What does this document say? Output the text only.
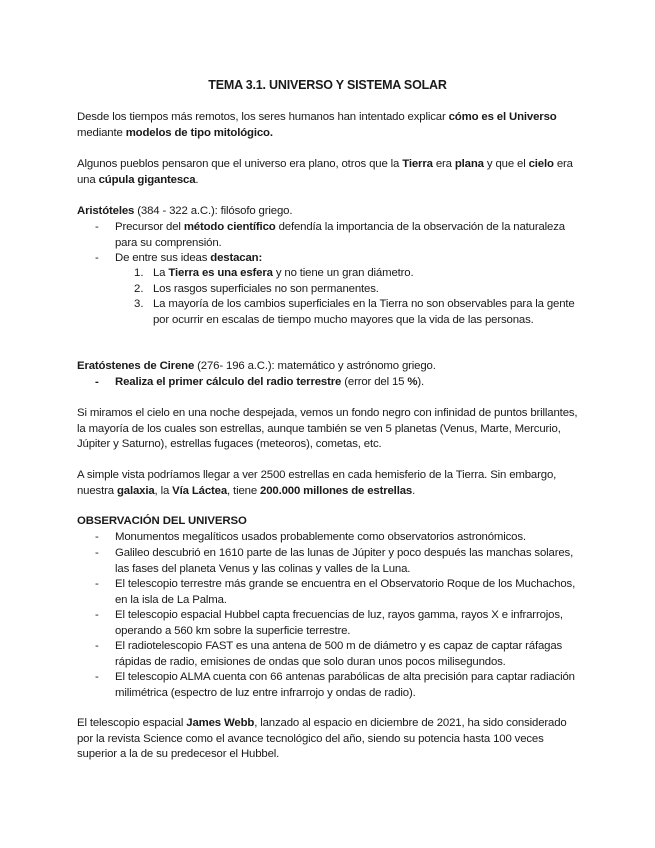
TEMA 3.1. UNIVERSO Y SISTEMA SOLAR

Desde los tiempos más remotos, los seres humanos han intentado explicar cómo es el Universo mediante modelos de tipo mitológico.

Algunos pueblos pensaron que el universo era plano, otros que la Tierra era plana y que el cielo era una cúpula gigantesca.

Aristóteles (384 - 322 a.C.): filósofo griego.

- Precursor del método científico defendía la importancia de la observación de la naturaleza para su comprensión.

- De entre sus ideas destacan:

1. La Tierra es una esfera y no tiene un gran diámetro.

2. Los rasgos superficiales no son permanentes.

3. La mayoría de los cambios superficiales en la Tierra no son observables para la gente por ocurrir en escalas de tiempo mucho mayores que la vida de las personas.

Eratóstenes de Cirene (276- 196 a.C.): matemático y astrónomo griego.

- Realiza el primer cálculo del radio terrestre (error del 15 %).

Si miramos el cielo en una noche despejada, vemos un fondo negro con infinidad de puntos brillantes, la mayoría de los cuales son estrellas, aunque también se ven 5 planetas (Venus, Marte, Mercurio, Júpiter y Saturno), estrellas fugaces (meteoros), cometas, etc.

A simple vista podríamos llegar a ver 2500 estrellas en cada hemisferio de la Tierra. Sin embargo, nuestra galaxia, la Vía Láctea, tiene 200.000 millones de estrellas.

OBSERVACIÓN DEL UNIVERSO
- Monumentos megalíticos usados probablemente como observatorios astronómicos.

- Galileo descubrió en 1610 parte de las lunas de Júpiter y poco después las manchas solares, las fases del planeta Venus y las colinas y valles de la Luna.

- El telescopio terrestre más grande se encuentra en el Observatorio Roque de los Muchachos, en la isla de La Palma.

- El telescopio espacial Hubbel capta frecuencias de luz, rayos gamma, rayos X e infrarrojos, operando a 560 km sobre la superficie terrestre.

- El radiotelescopio FAST es una antena de 500 m de diámetro y es capaz de captar ráfagas rápidas de radio, emisiones de ondas que solo duran unos pocos milisegundos.

- El telescopio ALMA cuenta con 66 antenas parabólicas de alta precisión para captar radiación milimétrica (espectro de luz entre infrarrojo y ondas de radio).

El telescopio espacial James Webb, lanzado al espacio en diciembre de 2021, ha sido considerado por la revista Science como el avance tecnológico del año, siendo su potencia hasta 100 veces superior a la de su predecesor el Hubbel.
